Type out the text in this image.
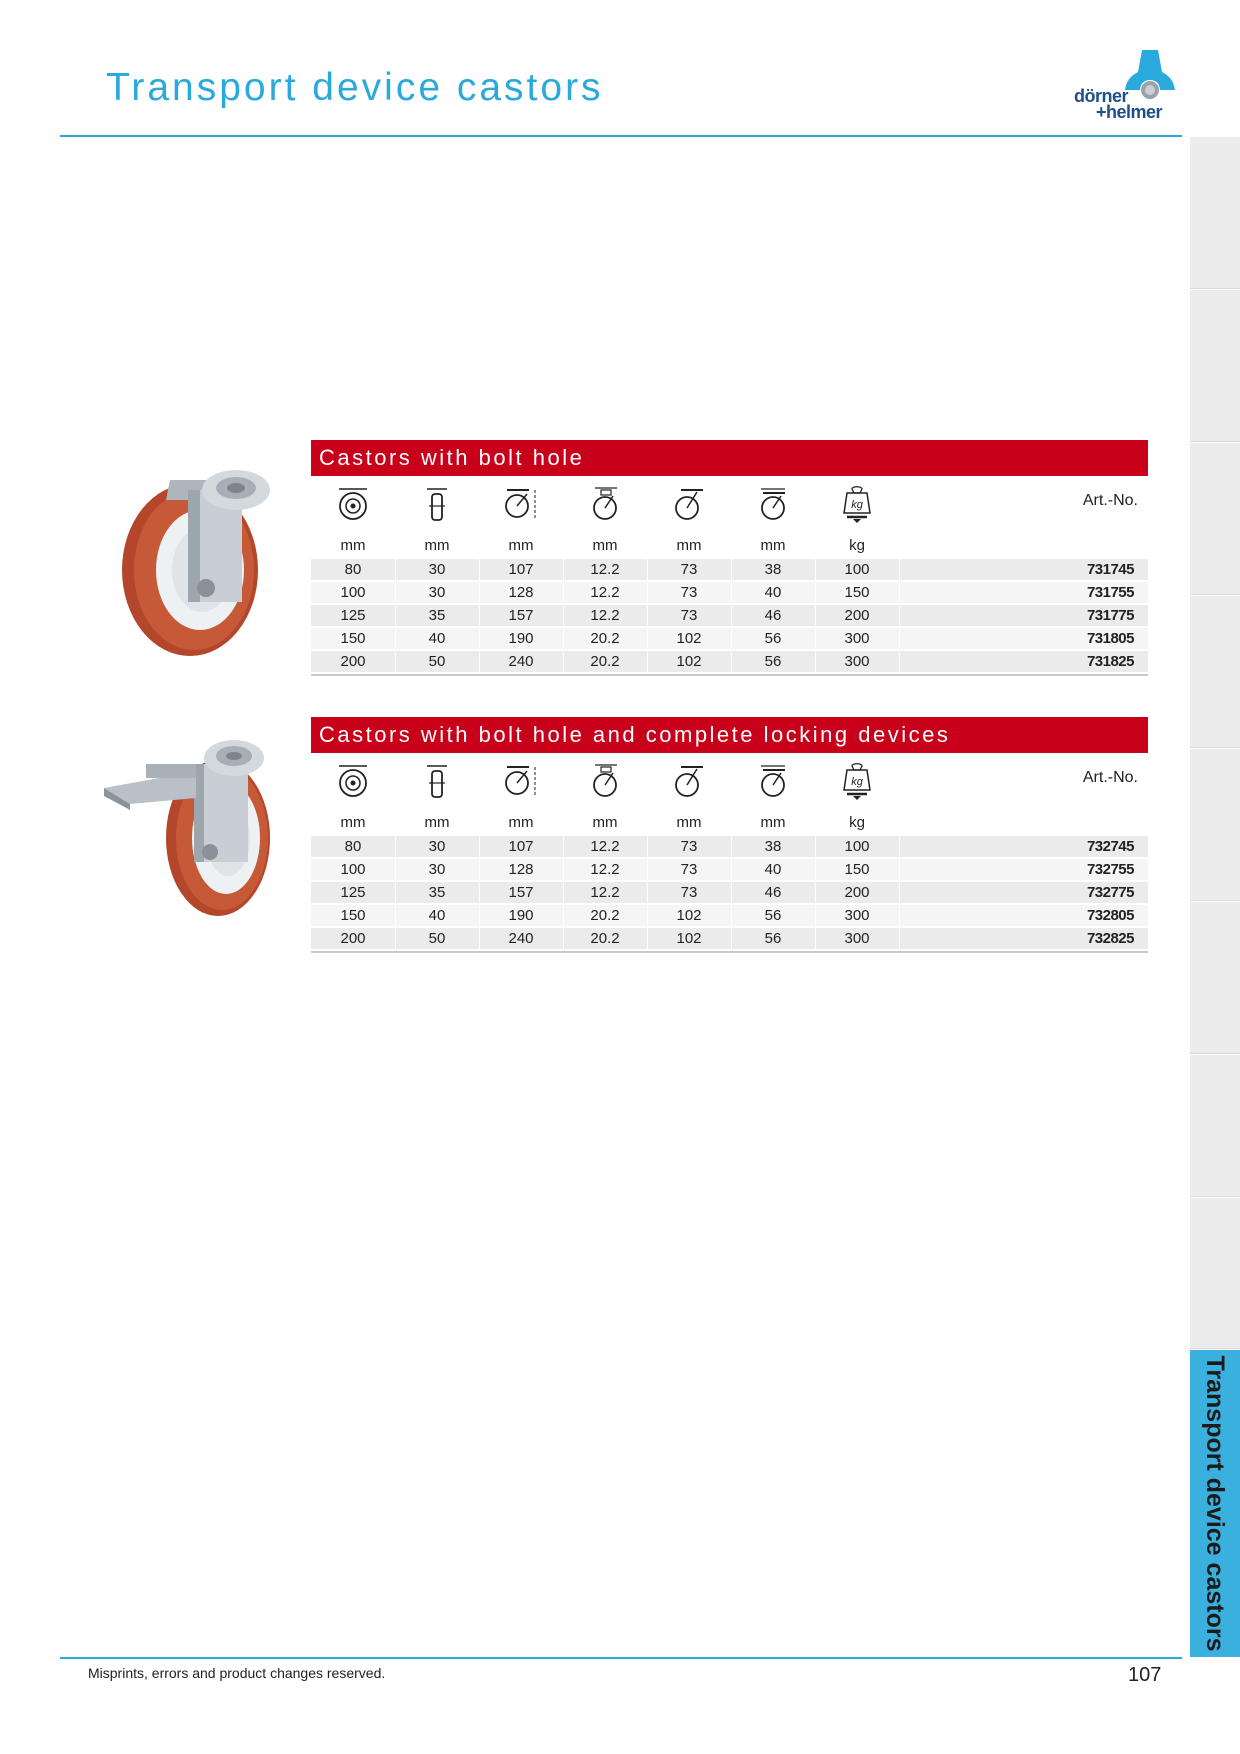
Transport device castors	dörner
+helmer
Transport device castors
Castors with bolt hole
kg	Art.-No.
mm	mm	mm	mm	mm	mm	kg
80	30	107	12.2	73	38	100	731745
100	30	128	12.2	73	40	150	731755
125	35	157	12.2	73	46	200	731775
150	40	190	20.2	102	56	300	731805
200	50	240	20.2	102	56	300	731825
Castors with bolt hole and complete locking devices
kg	Art.-No.
mm	mm	mm	mm	mm	mm	kg
80	30	107	12.2	73	38	100	732745
100	30	128	12.2	73	40	150	732755
125	35	157	12.2	73	46	200	732775
150	40	190	20.2	102	56	300	732805
200	50	240	20.2	102	56	300	732825
Misprints, errors and product changes reserved.	107
